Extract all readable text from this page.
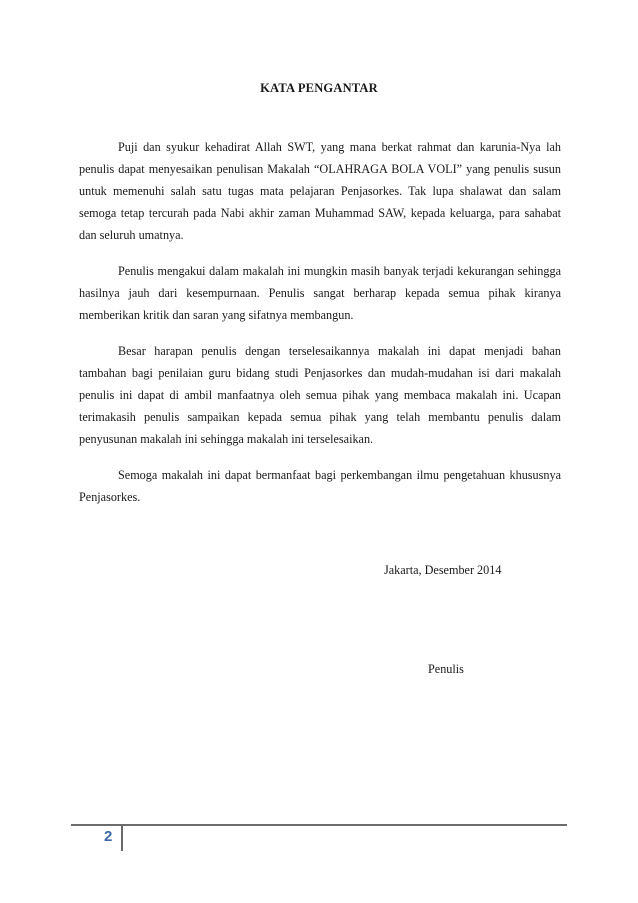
KATA PENGANTAR

Puji dan syukur kehadirat Allah SWT, yang mana berkat rahmat dan karunia-Nya lah penulis dapat menyesaikan penulisan Makalah “OLAHRAGA BOLA VOLI” yang penulis susun untuk memenuhi salah satu tugas mata pelajaran Penjasorkes. Tak lupa shalawat dan salam semoga tetap tercurah pada Nabi akhir zaman Muhammad SAW, kepada keluarga, para sahabat dan seluruh umatnya.

Penulis mengakui dalam makalah ini mungkin masih banyak terjadi kekurangan sehingga hasilnya jauh dari kesempurnaan. Penulis sangat berharap kepada semua pihak kiranya memberikan kritik dan saran yang sifatnya membangun.

Besar harapan penulis dengan terselesaikannya makalah ini dapat menjadi bahan tambahan bagi penilaian guru bidang studi Penjasorkes dan mudah-mudahan isi dari makalah penulis ini dapat di ambil manfaatnya oleh semua pihak yang membaca makalah ini. Ucapan terimakasih penulis sampaikan kepada semua pihak yang telah membantu penulis dalam penyusunan makalah ini sehingga makalah ini terselesaikan.

Semoga makalah ini dapat bermanfaat bagi perkembangan ilmu pengetahuan khususnya Penjasorkes.

Jakarta, Desember 2014
Penulis
2
